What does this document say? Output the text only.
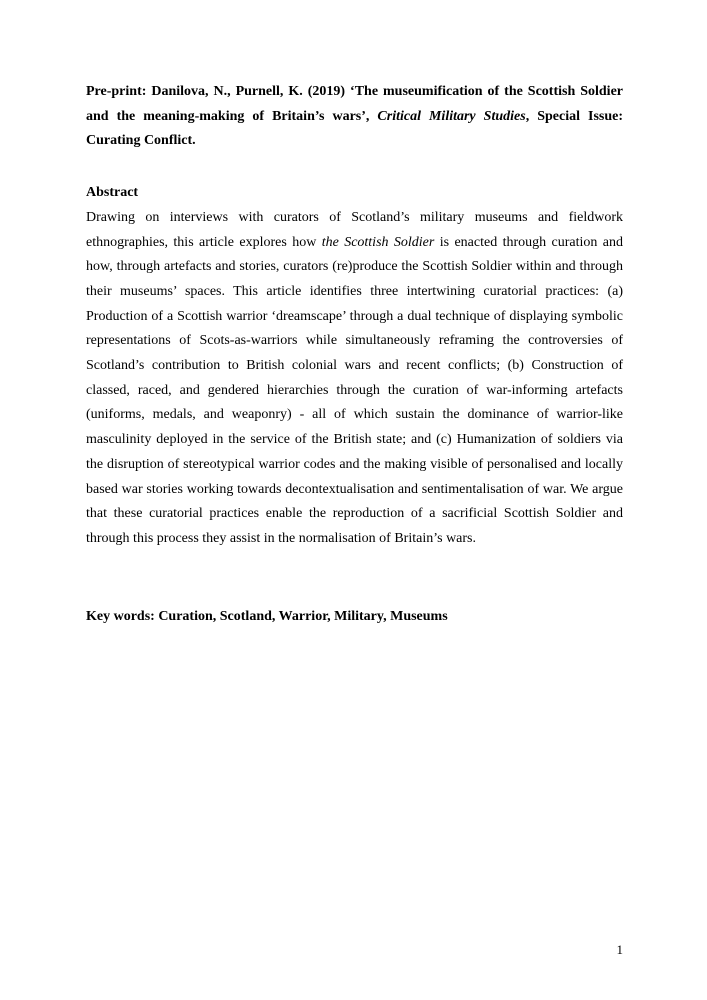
Pre-print: Danilova, N., Purnell, K. (2019) ‘The museumification of the Scottish Soldier and the meaning-making of Britain’s wars’, Critical Military Studies, Special Issue: Curating Conflict.

Abstract

Drawing on interviews with curators of Scotland’s military museums and fieldwork ethnographies, this article explores how the Scottish Soldier is enacted through curation and how, through artefacts and stories, curators (re)produce the Scottish Soldier within and through their museums’ spaces. This article identifies three intertwining curatorial practices: (a) Production of a Scottish warrior ‘dreamscape’ through a dual technique of displaying symbolic representations of Scots-as-warriors while simultaneously reframing the controversies of Scotland’s contribution to British colonial wars and recent conflicts; (b) Construction of classed, raced, and gendered hierarchies through the curation of war-informing artefacts (uniforms, medals, and weaponry) - all of which sustain the dominance of warrior-like masculinity deployed in the service of the British state; and (c) Humanization of soldiers via the disruption of stereotypical warrior codes and the making visible of personalised and locally based war stories working towards decontextualisation and sentimentalisation of war. We argue that these curatorial practices enable the reproduction of a sacrificial Scottish Soldier and through this process they assist in the normalisation of Britain’s wars.

Key words: Curation, Scotland, Warrior, Military, Museums

1
